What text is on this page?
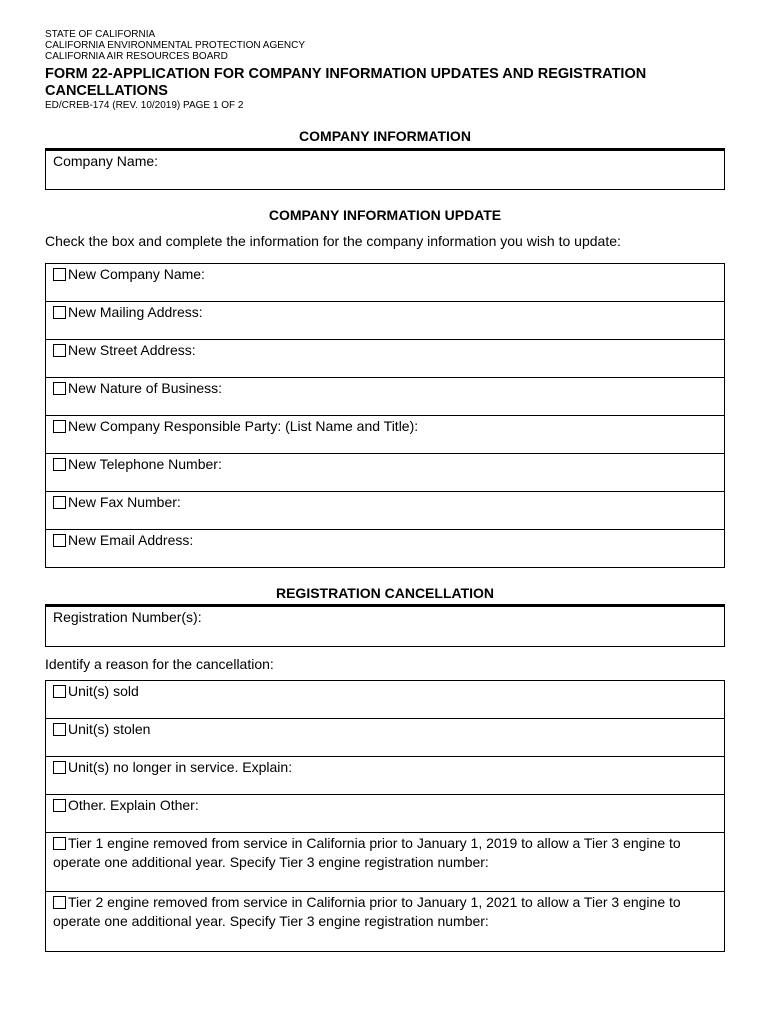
STATE OF CALIFORNIA
CALIFORNIA ENVIRONMENTAL PROTECTION AGENCY
CALIFORNIA AIR RESOURCES BOARD
FORM 22-APPLICATION FOR COMPANY INFORMATION UPDATES AND REGISTRATION CANCELLATIONS
ED/CREB-174 (REV. 10/2019) PAGE 1 OF 2
COMPANY INFORMATION
Company Name:
COMPANY INFORMATION UPDATE
Check the box and complete the information for the company information you wish to update:
New Company Name:
New Mailing Address:
New Street Address:
New Nature of Business:
New Company Responsible Party: (List Name and Title):
New Telephone Number:
New Fax Number:
New Email Address:
REGISTRATION CANCELLATION
Registration Number(s):
Identify a reason for the cancellation:
Unit(s) sold
Unit(s) stolen
Unit(s) no longer in service. Explain:
Other. Explain Other:
Tier 1 engine removed from service in California prior to January 1, 2019 to allow a Tier 3 engine to operate one additional year. Specify Tier 3 engine registration number:
Tier 2 engine removed from service in California prior to January 1, 2021 to allow a Tier 3 engine to operate one additional year. Specify Tier 3 engine registration number:
